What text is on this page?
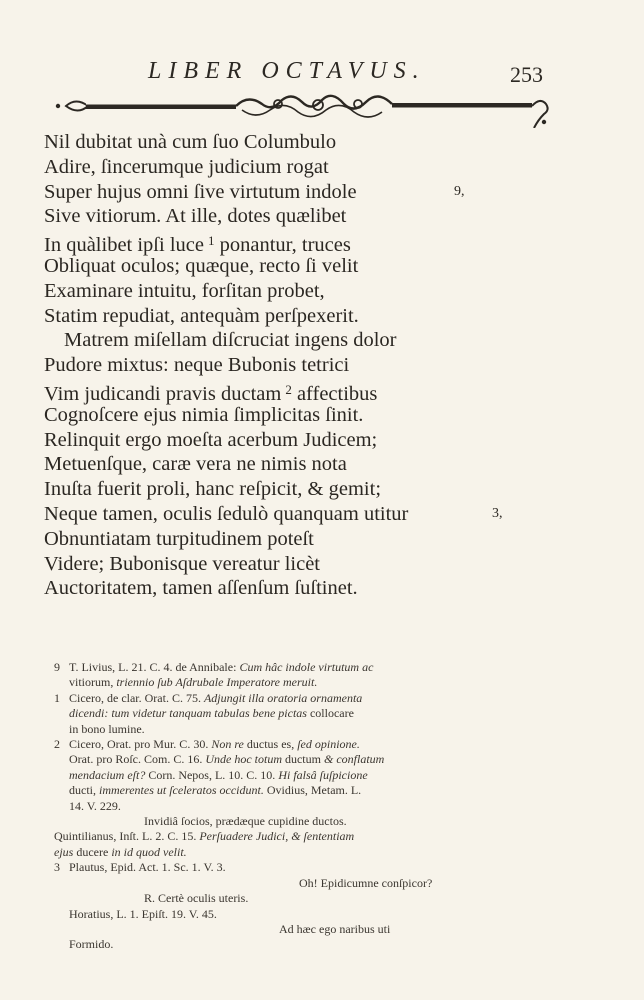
LIBER OCTAVUS.	253
Nil dubitat unà cum ſuo Columbulo
Adire, ſincerumque judicium rogat
Super hujus omni ſive virtutum indole	9,
Sive vitiorum. At ille, dotes quælibet
In quàlibet ipſi luce $^1$ ponantur, truces
Obliquat oculos; quæque, recto ſi velit
Examinare intuitu, forſitan probet,
Statim repudiat, antequàm perſpexerit.
Matrem miſellam diſcruciat ingens dolor
Pudore mixtus: neque Bubonis tetrici
Vim judicandi pravis ductam $^2$ affectibus
Cognoſcere ejus nimia ſimplicitas ſinit.
Relinquit ergo moeſta acerbum Judicem;
Metuenſque, caræ vera ne nimis nota
Inuſta fuerit proli, hanc reſpicit, & gemit;
Neque tamen, oculis ſedulò quanquam utitur	3,
Obnuntiatam turpitudinem poteſt
Videre; Bubonisque vereatur licèt
Auctoritatem, tamen aſſenſum ſuſtinet.
9 T. Livius, L. 21. C. 4. de Annibale: Cum hâc indole virtutum ac
vitiorum, triennio ſub Aſdrubale Imperatore meruit.
1 Cicero, de clar. Orat. C. 75. Adjungit illa oratoria ornamenta
dicendi: tum videtur tanquam tabulas bene pictas collocare
in bono lumine.
2 Cicero, Orat. pro Mur. C. 30. Non re ductus es, ſed opinione.
Orat. pro Roſc. Com. C. 16. Unde hoc totum ductum & conflatum
mendacium eſt? Corn. Nepos, L. 10. C. 10. Hi falsâ ſuſpicione
ducti, immerentes ut ſceleratos occidunt. Ovidius, Metam. L.
14. V. 229.
Invidiâ ſocios, prædæque cupidine ductos.
Quintilianus, Inſt. L. 2. C. 15. Perſuadere Judici, & ſententiam
ejus ducere in id quod velit.
3 Plautus, Epid. Act. 1. Sc. 1. V. 3.
Oh! Epidicumne conſpicor?
R. Certè oculis uteris.
Horatius, L. 1. Epiſt. 19. V. 45.
Ad hæc ego naribus uti
Formido.
